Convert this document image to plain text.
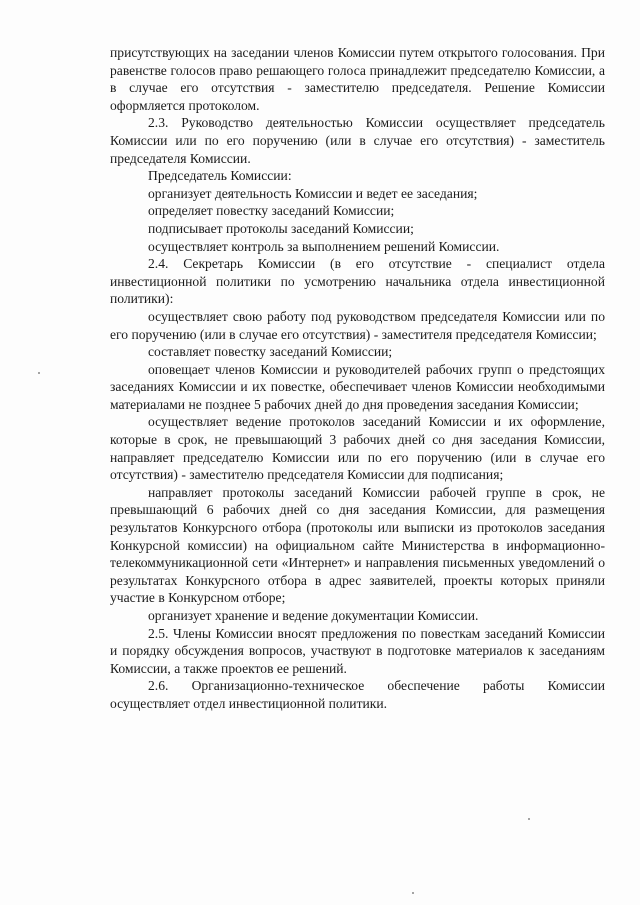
присутствующих на заседании членов Комиссии путем открытого голосования. При равенстве голосов право решающего голоса принадлежит председателю Комиссии, а в случае его отсутствия - заместителю председателя. Решение Комиссии оформляется протоколом.

2.3. Руководство деятельностью Комиссии осуществляет председатель Комиссии или по его поручению (или в случае его отсутствия) - заместитель председателя Комиссии.

Председатель Комиссии:

организует деятельность Комиссии и ведет ее заседания;

определяет повестку заседаний Комиссии;

подписывает протоколы заседаний Комиссии;

осуществляет контроль за выполнением решений Комиссии.

2.4. Секретарь Комиссии (в его отсутствие - специалист отдела инвестиционной политики по усмотрению начальника отдела инвестиционной политики):

осуществляет свою работу под руководством председателя Комиссии или по его поручению (или в случае его отсутствия) - заместителя председателя Комиссии;

составляет повестку заседаний Комиссии;

оповещает членов Комиссии и руководителей рабочих групп о предстоящих заседаниях Комиссии и их повестке, обеспечивает членов Комиссии необходимыми материалами не позднее 5 рабочих дней до дня проведения заседания Комиссии;

осуществляет ведение протоколов заседаний Комиссии и их оформление, которые в срок, не превышающий 3 рабочих дней со дня заседания Комиссии, направляет председателю Комиссии или по его поручению (или в случае его отсутствия) - заместителю председателя Комиссии для подписания;

направляет протоколы заседаний Комиссии рабочей группе в срок, не превышающий 6 рабочих дней со дня заседания Комиссии, для размещения результатов Конкурсного отбора (протоколы или выписки из протоколов заседания Конкурсной комиссии) на официальном сайте Министерства в информационно-телекоммуникационной сети «Интернет» и направления письменных уведомлений о результатах Конкурсного отбора в адрес заявителей, проекты которых приняли участие в Конкурсном отборе;

организует хранение и ведение документации Комиссии.

2.5. Члены Комиссии вносят предложения по повесткам заседаний Комиссии и порядку обсуждения вопросов, участвуют в подготовке материалов к заседаниям Комиссии, а также проектов ее решений.

2.6. Организационно-техническое обеспечение работы Комиссии осуществляет отдел инвестиционной политики.
